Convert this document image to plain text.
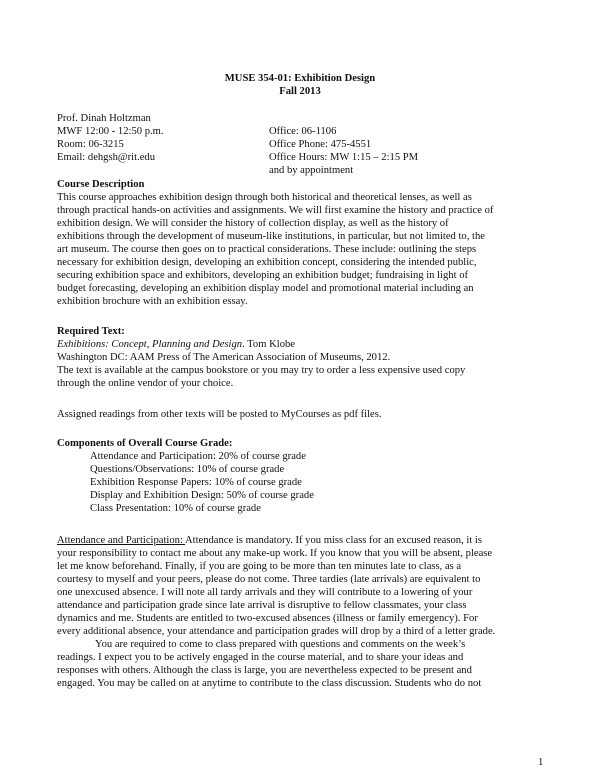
MUSE 354-01: Exhibition Design
Fall 2013
Prof. Dinah Holtzman
MWF 12:00 - 12:50 p.m.
Room: 06-3215
Email: dehgsh@rit.edu
Office: 06-1106
Office Phone: 475-4551
Office Hours: MW 1:15 – 2:15 PM
and by appointment
Course Description
This course approaches exhibition design through both historical and theoretical lenses, as well as
through practical hands-on activities and assignments. We will first examine the history and practice of
exhibition design. We will consider the history of collection display, as well as the history of
exhibitions through the development of museum-like institutions, in particular, but not limited to, the
art museum. The course then goes on to practical considerations. These include: outlining the steps
necessary for exhibition design, developing an exhibition concept, considering the intended public,
securing exhibition space and exhibitors, developing an exhibition budget; fundraising in light of
budget forecasting, developing an exhibition display model and promotional material including an
exhibition brochure with an exhibition essay.
Required Text:
Exhibitions: Concept, Planning and Design. Tom Klobe
Washington DC: AAM Press of The American Association of Museums, 2012.
The text is available at the campus bookstore or you may try to order a less expensive used copy
through the online vendor of your choice.
Assigned readings from other texts will be posted to MyCourses as pdf files.
Components of Overall Course Grade:
Attendance and Participation: 20% of course grade
Questions/Observations: 10% of course grade
Exhibition Response Papers: 10% of course grade
Display and Exhibition Design: 50% of course grade
Class Presentation: 10% of course grade
Attendance and Participation: Attendance is mandatory. If you miss class for an excused reason, it is
your responsibility to contact me about any make-up work. If you know that you will be absent, please
let me know beforehand. Finally, if you are going to be more than ten minutes late to class, as a
courtesy to myself and your peers, please do not come. Three tardies (late arrivals) are equivalent to
one unexcused absence. I will note all tardy arrivals and they will contribute to a lowering of your
attendance and participation grade since late arrival is disruptive to fellow classmates, your class
dynamics and me. Students are entitled to two-excused absences (illness or family emergency). For
every additional absence, your attendance and participation grades will drop by a third of a letter grade.
You are required to come to class prepared with questions and comments on the week’s
readings. I expect you to be actively engaged in the course material, and to share your ideas and
responses with others. Although the class is large, you are nevertheless expected to be present and
engaged. You may be called on at anytime to contribute to the class discussion. Students who do not
1
